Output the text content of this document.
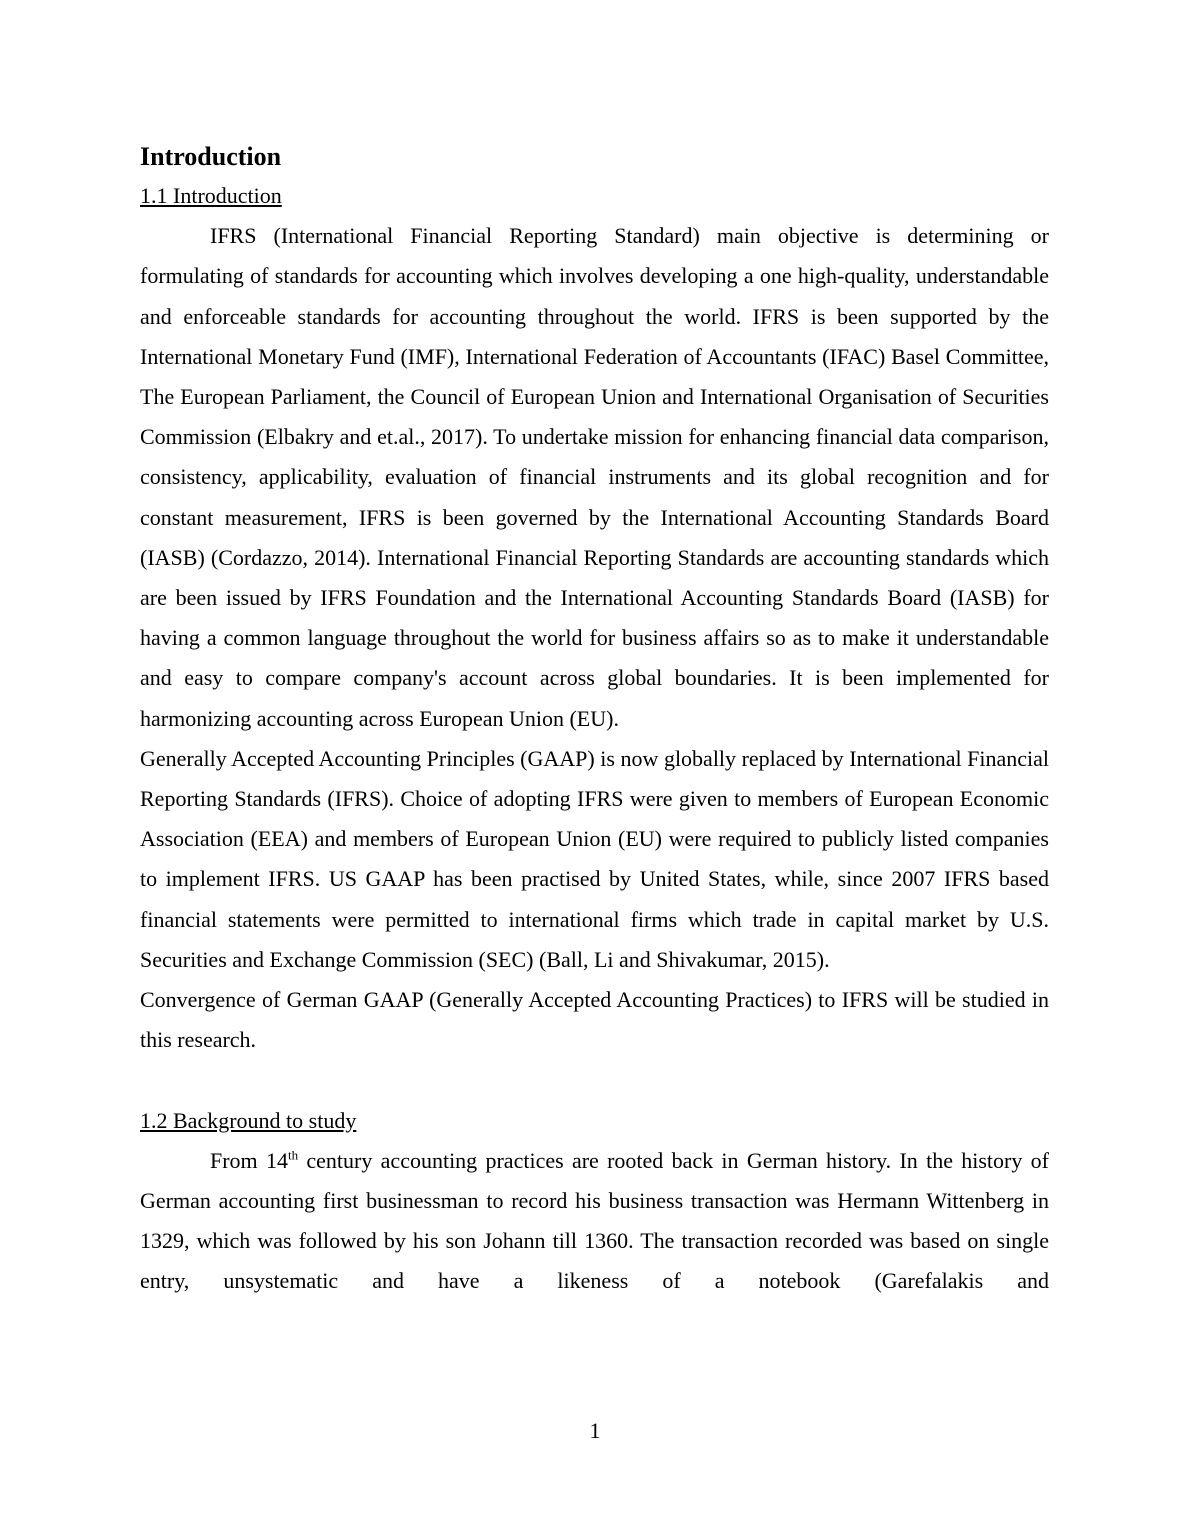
Introduction
1.1 Introduction

IFRS (International Financial Reporting Standard) main objective is determining or formulating of standards for accounting which involves developing a one high-quality, understandable and enforceable standards for accounting throughout the world. IFRS is been supported by the International Monetary Fund (IMF), International Federation of Accountants (IFAC) Basel Committee, The European Parliament, the Council of European Union and International Organisation of Securities Commission (Elbakry and et.al., 2017). To undertake mission for enhancing financial data comparison, consistency, applicability, evaluation of financial instruments and its global recognition and for constant measurement, IFRS is been governed by the International Accounting Standards Board (IASB) (Cordazzo, 2014). International Financial Reporting Standards are accounting standards which are been issued by IFRS Foundation and the International Accounting Standards Board (IASB) for having a common language throughout the world for business affairs so as to make it understandable and easy to compare company's account across global boundaries. It is been implemented for harmonizing accounting across European Union (EU).

Generally Accepted Accounting Principles (GAAP) is now globally replaced by International Financial Reporting Standards (IFRS). Choice of adopting IFRS were given to members of European Economic Association (EEA) and members of European Union (EU) were required to publicly listed companies to implement IFRS. US GAAP has been practised by United States, while, since 2007 IFRS based financial statements were permitted to international firms which trade in capital market by U.S. Securities and Exchange Commission (SEC) (Ball, Li and Shivakumar, 2015).

Convergence of German GAAP (Generally Accepted Accounting Practices) to IFRS will be studied in this research.

1.2 Background to study

From 14th century accounting practices are rooted back in German history. In the history of German accounting first businessman to record his business transaction was Hermann Wittenberg in 1329, which was followed by his son Johann till 1360. The transaction recorded was based on single entry, unsystematic and have a likeness of a notebook (Garefalakis and

1
